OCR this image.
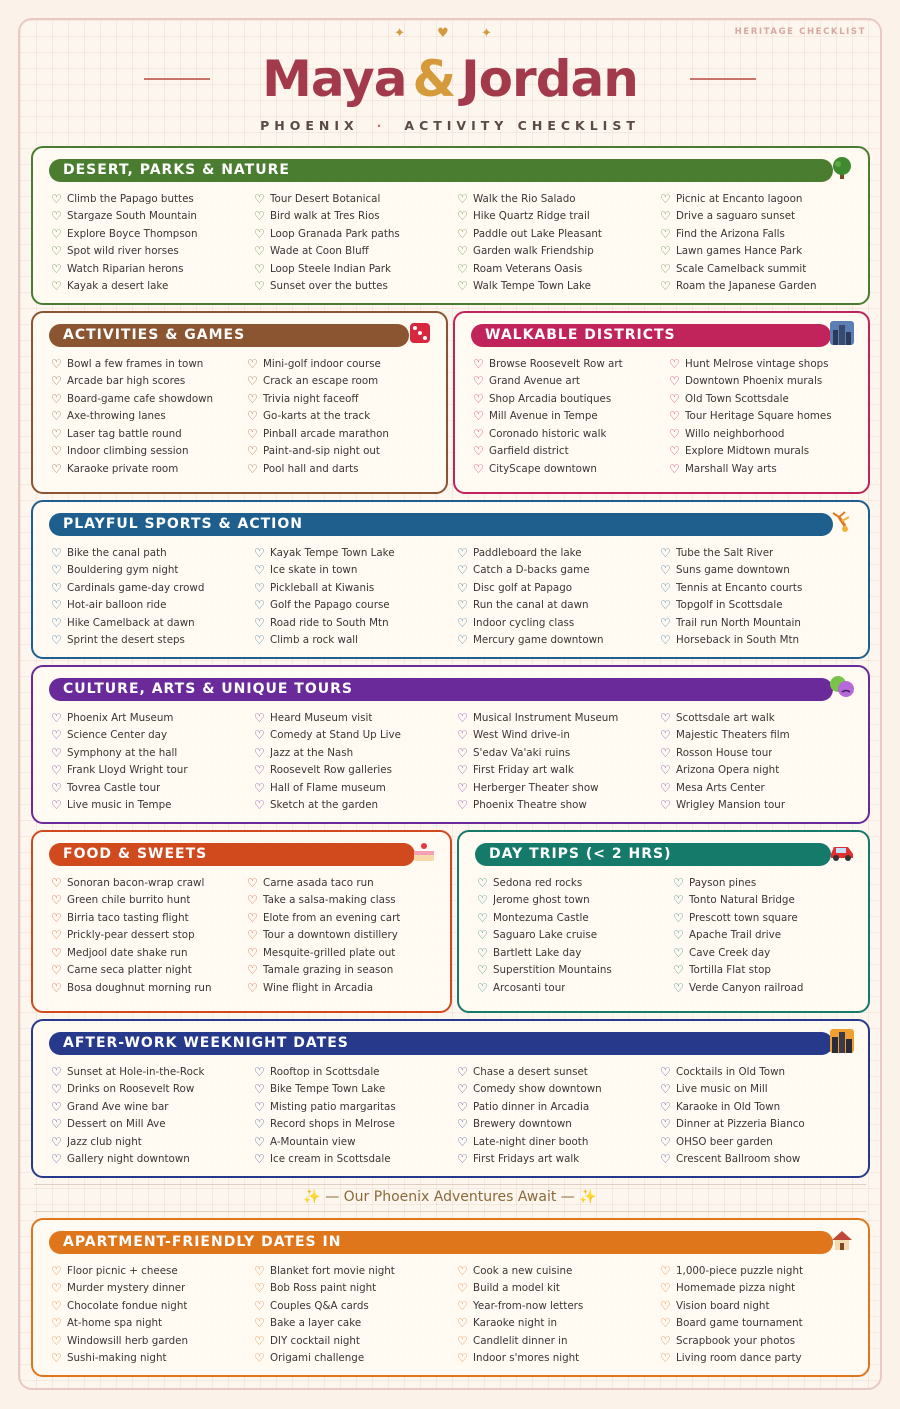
HERITAGE CHECKLIST
✦ ♥ ✦
Maya & Jordan
PHOENIX · ACTIVITY CHECKLIST
DESERT, PARKS & NATURE
♡ Climb the Papago buttes
♡ Stargaze South Mountain
♡ Explore Boyce Thompson
♡ Spot wild river horses
♡ Watch Riparian herons
♡ Kayak a desert lake
♡ Tour Desert Botanical
♡ Bird walk at Tres Rios
♡ Loop Granada Park paths
♡ Wade at Coon Bluff
♡ Loop Steele Indian Park
♡ Sunset over the buttes
♡ Walk the Rio Salado
♡ Hike Quartz Ridge trail
♡ Paddle out Lake Pleasant
♡ Garden walk Friendship
♡ Roam Veterans Oasis
♡ Walk Tempe Town Lake
♡ Picnic at Encanto lagoon
♡ Drive a saguaro sunset
♡ Find the Arizona Falls
♡ Lawn games Hance Park
♡ Scale Camelback summit
♡ Roam the Japanese Garden
ACTIVITIES & GAMES
♡ Bowl a few frames in town
♡ Arcade bar high scores
♡ Board-game cafe showdown
♡ Axe-throwing lanes
♡ Laser tag battle round
♡ Indoor climbing session
♡ Karaoke private room
♡ Mini-golf indoor course
♡ Crack an escape room
♡ Trivia night faceoff
♡ Go-karts at the track
♡ Pinball arcade marathon
♡ Paint-and-sip night out
♡ Pool hall and darts
WALKABLE DISTRICTS
♡ Browse Roosevelt Row art
♡ Grand Avenue art
♡ Shop Arcadia boutiques
♡ Mill Avenue in Tempe
♡ Coronado historic walk
♡ Garfield district
♡ CityScape downtown
♡ Hunt Melrose vintage shops
♡ Downtown Phoenix murals
♡ Old Town Scottsdale
♡ Tour Heritage Square homes
♡ Willo neighborhood
♡ Explore Midtown murals
♡ Marshall Way arts
PLAYFUL SPORTS & ACTION
♡ Bike the canal path
♡ Bouldering gym night
♡ Cardinals game-day crowd
♡ Hot-air balloon ride
♡ Hike Camelback at dawn
♡ Sprint the desert steps
♡ Kayak Tempe Town Lake
♡ Ice skate in town
♡ Pickleball at Kiwanis
♡ Golf the Papago course
♡ Road ride to South Mtn
♡ Climb a rock wall
♡ Paddleboard the lake
♡ Catch a D-backs game
♡ Disc golf at Papago
♡ Run the canal at dawn
♡ Indoor cycling class
♡ Mercury game downtown
♡ Tube the Salt River
♡ Suns game downtown
♡ Tennis at Encanto courts
♡ Topgolf in Scottsdale
♡ Trail run North Mountain
♡ Horseback in South Mtn
CULTURE, ARTS & UNIQUE TOURS
♡ Phoenix Art Museum
♡ Science Center day
♡ Symphony at the hall
♡ Frank Lloyd Wright tour
♡ Tovrea Castle tour
♡ Live music in Tempe
♡ Heard Museum visit
♡ Comedy at Stand Up Live
♡ Jazz at the Nash
♡ Roosevelt Row galleries
♡ Hall of Flame museum
♡ Sketch at the garden
♡ Musical Instrument Museum
♡ West Wind drive-in
♡ S'edav Va'aki ruins
♡ First Friday art walk
♡ Herberger Theater show
♡ Phoenix Theatre show
♡ Scottsdale art walk
♡ Majestic Theaters film
♡ Rosson House tour
♡ Arizona Opera night
♡ Mesa Arts Center
♡ Wrigley Mansion tour
FOOD & SWEETS
♡ Sonoran bacon-wrap crawl
♡ Green chile burrito hunt
♡ Birria taco tasting flight
♡ Prickly-pear dessert stop
♡ Medjool date shake run
♡ Carne seca platter night
♡ Bosa doughnut morning run
♡ Carne asada taco run
♡ Take a salsa-making class
♡ Elote from an evening cart
♡ Tour a downtown distillery
♡ Mesquite-grilled plate out
♡ Tamale grazing in season
♡ Wine flight in Arcadia
DAY TRIPS (< 2 HRS)
♡ Sedona red rocks
♡ Jerome ghost town
♡ Montezuma Castle
♡ Saguaro Lake cruise
♡ Bartlett Lake day
♡ Superstition Mountains
♡ Arcosanti tour
♡ Payson pines
♡ Tonto Natural Bridge
♡ Prescott town square
♡ Apache Trail drive
♡ Cave Creek day
♡ Tortilla Flat stop
♡ Verde Canyon railroad
AFTER-WORK WEEKNIGHT DATES
♡ Sunset at Hole-in-the-Rock
♡ Drinks on Roosevelt Row
♡ Grand Ave wine bar
♡ Dessert on Mill Ave
♡ Jazz club night
♡ Gallery night downtown
♡ Rooftop in Scottsdale
♡ Bike Tempe Town Lake
♡ Misting patio margaritas
♡ Record shops in Melrose
♡ A-Mountain view
♡ Ice cream in Scottsdale
♡ Chase a desert sunset
♡ Comedy show downtown
♡ Patio dinner in Arcadia
♡ Brewery downtown
♡ Late-night diner booth
♡ First Fridays art walk
♡ Cocktails in Old Town
♡ Live music on Mill
♡ Karaoke in Old Town
♡ Dinner at Pizzeria Bianco
♡ OHSO beer garden
♡ Crescent Ballroom show
✨ — Our Phoenix Adventures Await — ✨
APARTMENT-FRIENDLY DATES IN
♡ Floor picnic + cheese
♡ Murder mystery dinner
♡ Chocolate fondue night
♡ At-home spa night
♡ Windowsill herb garden
♡ Sushi-making night
♡ Blanket fort movie night
♡ Bob Ross paint night
♡ Couples Q&A cards
♡ Bake a layer cake
♡ DIY cocktail night
♡ Origami challenge
♡ Cook a new cuisine
♡ Build a model kit
♡ Year-from-now letters
♡ Karaoke night in
♡ Candlelit dinner in
♡ Indoor s'mores night
♡ 1,000-piece puzzle night
♡ Homemade pizza night
♡ Vision board night
♡ Board game tournament
♡ Scrapbook your photos
♡ Living room dance party
